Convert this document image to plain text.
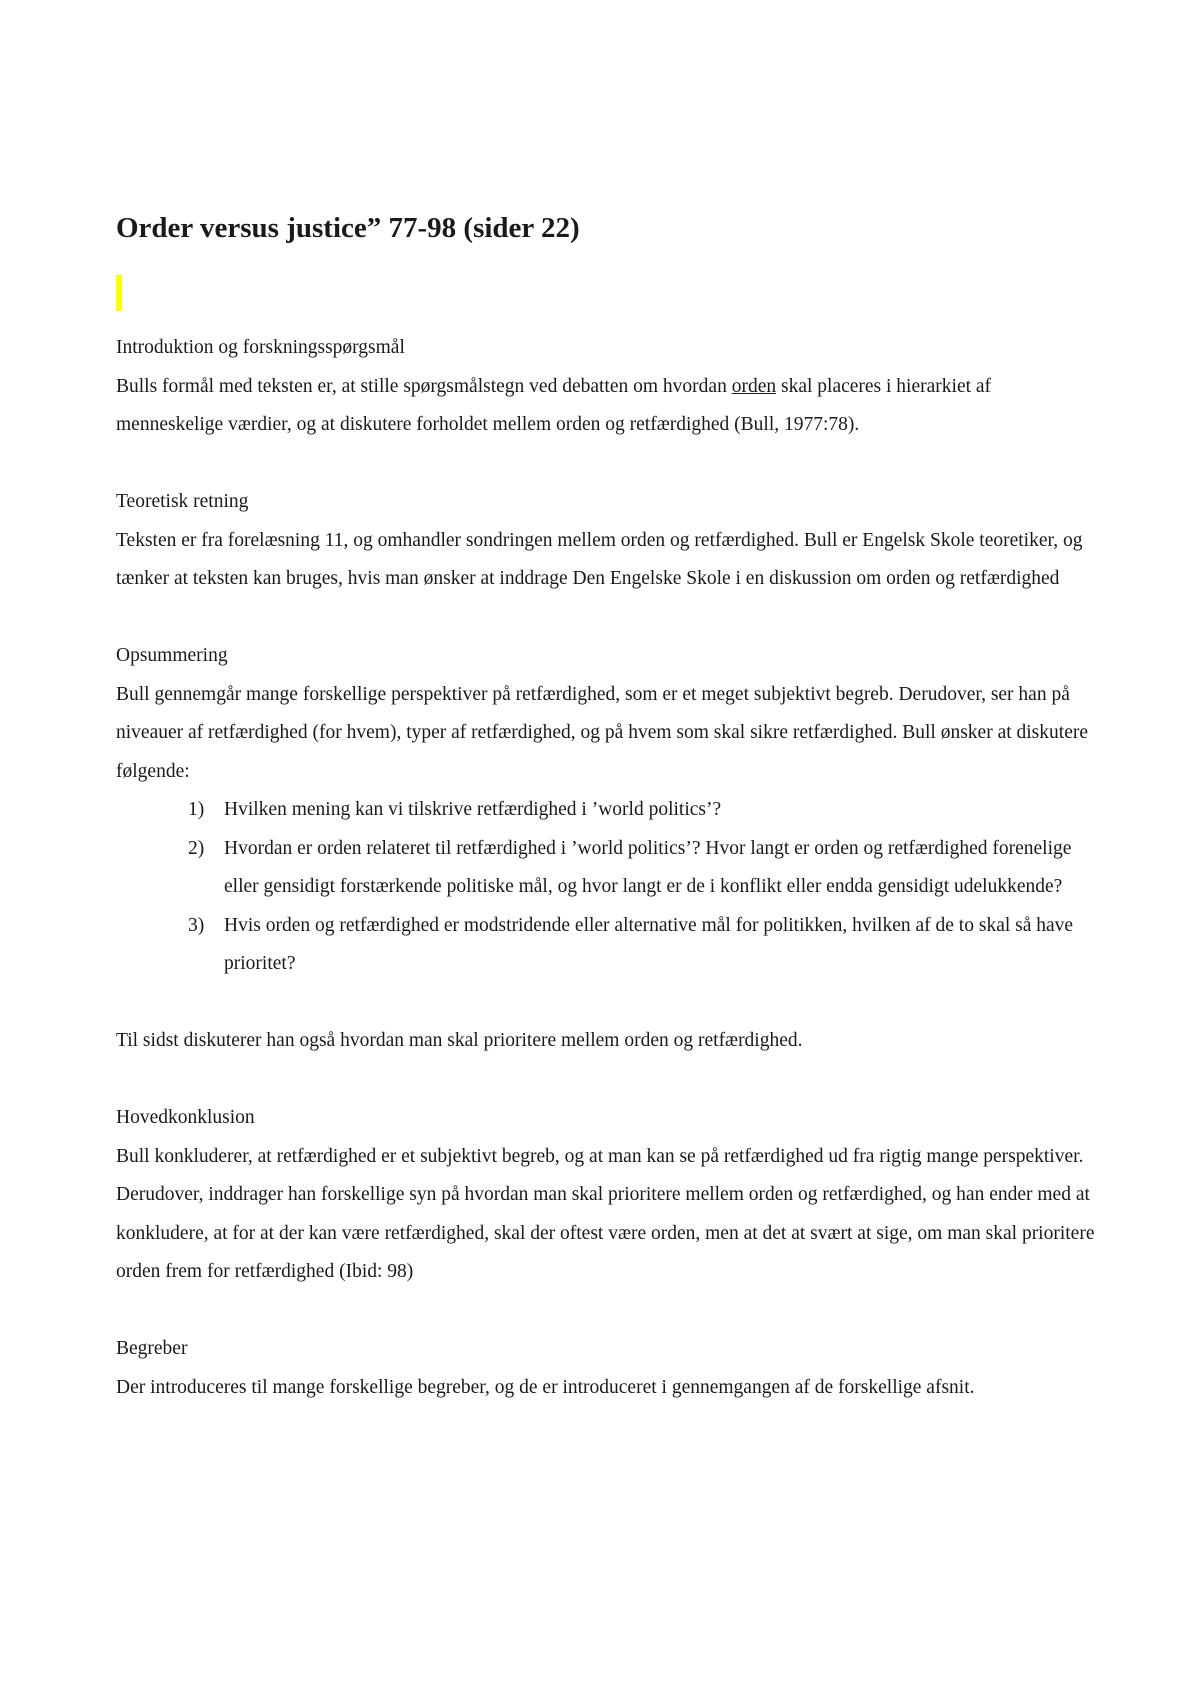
Order versus justice” 77-98 (sider 22)

Introduktion og forskningsspørgsmål

Bulls formål med teksten er, at stille spørgsmålstegn ved debatten om hvordan orden skal placeres i hierarkiet af menneskelige værdier, og at diskutere forholdet mellem orden og retfærdighed (Bull, 1977:78).

Teoretisk retning

Teksten er fra forelæsning 11, og omhandler sondringen mellem orden og retfærdighed. Bull er Engelsk Skole teoretiker, og tænker at teksten kan bruges, hvis man ønsker at inddrage Den Engelske Skole i en diskussion om orden og retfærdighed

Opsummering

Bull gennemgår mange forskellige perspektiver på retfærdighed, som er et meget subjektivt begreb. Derudover, ser han på niveauer af retfærdighed (for hvem), typer af retfærdighed, og på hvem som skal sikre retfærdighed. Bull ønsker at diskutere følgende:

1) Hvilken mening kan vi tilskrive retfærdighed i ’world politics’?
2) Hvordan er orden relateret til retfærdighed i ’world politics’? Hvor langt er orden og retfærdighed forenelige eller gensidigt forstærkende politiske mål, og hvor langt er de i konflikt eller endda gensidigt udelukkende?
3) Hvis orden og retfærdighed er modstridende eller alternative mål for politikken, hvilken af de to skal så have prioritet?

Til sidst diskuterer han også hvordan man skal prioritere mellem orden og retfærdighed.

Hovedkonklusion

Bull konkluderer, at retfærdighed er et subjektivt begreb, og at man kan se på retfærdighed ud fra rigtig mange perspektiver. Derudover, inddrager han forskellige syn på hvordan man skal prioritere mellem orden og retfærdighed, og han ender med at konkludere, at for at der kan være retfærdighed, skal der oftest være orden, men at det at svært at sige, om man skal prioritere orden frem for retfærdighed (Ibid: 98)

Begreber

Der introduceres til mange forskellige begreber, og de er introduceret i gennemgangen af de forskellige afsnit.
